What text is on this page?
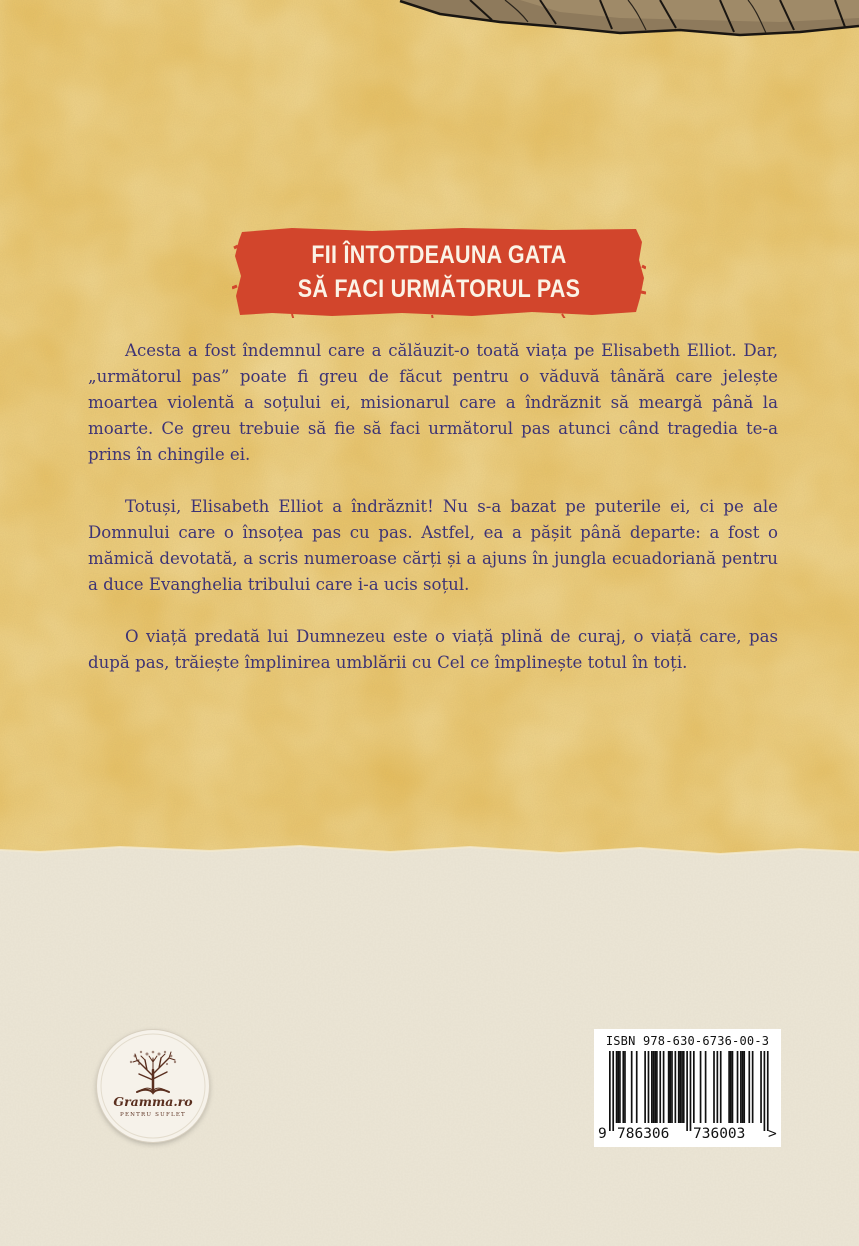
FII ÎNTOTDEAUNA GATA
SĂ FACI URMĂTORUL PAS

Acesta a fost îndemnul care a călăuzit-o toată viața pe Elisabeth Elliot. Dar, „următorul pas” poate fi greu de făcut pentru o văduvă tânără care jelește moartea violentă a soțului ei, misionarul care a îndrăznit să meargă până la moarte. Ce greu trebuie să fie să faci următorul pas atunci când tragedia te-a prins în chingile ei.

Totuși, Elisabeth Elliot a îndrăznit! Nu s-a bazat pe puterile ei, ci pe ale Domnului care o însoțea pas cu pas. Astfel, ea a pășit până departe: a fost o mămică devotată, a scris numeroase cărți și a ajuns în jungla ecuadoriană pentru a duce Evanghelia tribului care i-a ucis soțul.

O viață predată lui Dumnezeu este o viață plină de curaj, o viață care, pas după pas, trăiește împlinirea umblării cu Cel ce împlinește totul în toți.

Gramma.ro
PENTRU SUFLET
ISBN 978-630-6736-00-3
9 786306 736003 >
